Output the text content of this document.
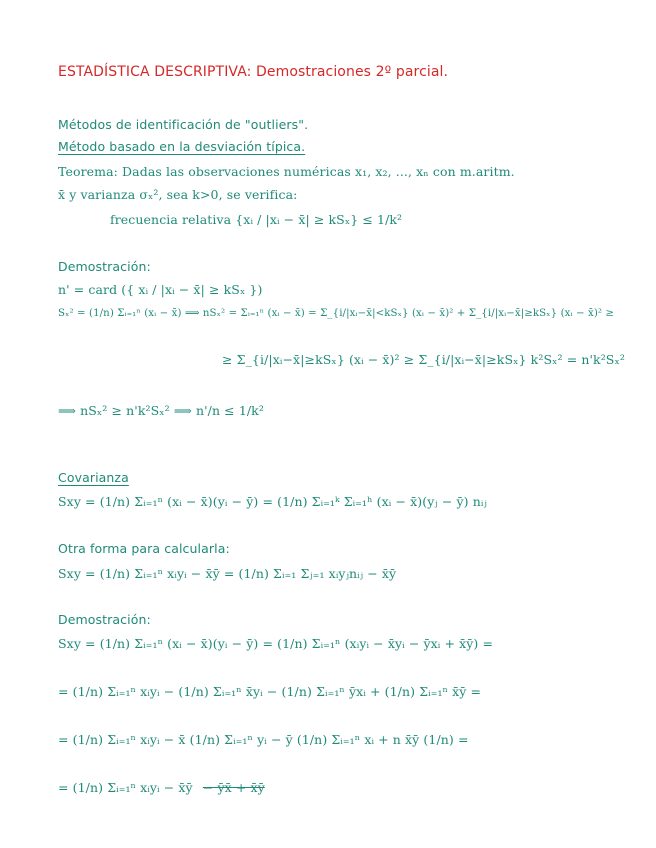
ESTADÍSTICA DESCRIPTIVA: Demostraciones 2º parcial.
Métodos de identificación de "outliers".
Método basado en la desviación típica.
Teorema: Dadas las observaciones numéricas x₁, x₂, ..., xₙ con m.aritm.
x̄ y varianza σₓ², sea k>0, se verifica:
frecuencia relativa {xᵢ / |xᵢ − x̄| ≥ kSₓ} ≤ 1/k²
Demostración:
n' = card ({ xᵢ / |xᵢ − x̄| ≥ kSₓ })
Sₓ² = (1/n) Σᵢ₌₁ⁿ (xᵢ − x̄) ⟹ nSₓ² = Σᵢ₌₁ⁿ (xᵢ − x̄) = Σ_{i/|xᵢ−x̄|<kSₓ} (xᵢ − x̄)² + Σ_{i/|xᵢ−x̄|≥kSₓ} (xᵢ − x̄)² ≥
≥ Σ_{i/|xᵢ−x̄|≥kSₓ} (xᵢ − x̄)² ≥ Σ_{i/|xᵢ−x̄|≥kSₓ} k²Sₓ² = n'k²Sₓ²
⟹ nSₓ² ≥ n'k²Sₓ² ⟹ n'/n ≤ 1/k²
Covarianza
Sxy = (1/n) Σᵢ₌₁ⁿ (xᵢ − x̄)(yᵢ − ȳ) = (1/n) Σᵢ₌₁ᵏ Σᵢ₌₁ʰ (xᵢ − x̄)(yⱼ − ȳ) nᵢⱼ
Otra forma para calcularla:
Sxy = (1/n) Σᵢ₌₁ⁿ xᵢyᵢ − x̄ȳ = (1/n) Σᵢ₌₁ Σⱼ₌₁ xᵢyⱼnᵢⱼ − x̄ȳ
Demostración:
Sxy = (1/n) Σᵢ₌₁ⁿ (xᵢ − x̄)(yᵢ − ȳ) = (1/n) Σᵢ₌₁ⁿ (xᵢyᵢ − x̄yᵢ − ȳxᵢ + x̄ȳ) =
= (1/n) Σᵢ₌₁ⁿ xᵢyᵢ − (1/n) Σᵢ₌₁ⁿ x̄yᵢ − (1/n) Σᵢ₌₁ⁿ ȳxᵢ + (1/n) Σᵢ₌₁ⁿ x̄ȳ =
= (1/n) Σᵢ₌₁ⁿ xᵢyᵢ − x̄ (1/n) Σᵢ₌₁ⁿ yᵢ − ȳ (1/n) Σᵢ₌₁ⁿ xᵢ + n x̄ȳ (1/n) =
= (1/n) Σᵢ₌₁ⁿ xᵢyᵢ − x̄ȳ − ȳx̄ + x̄ȳ
